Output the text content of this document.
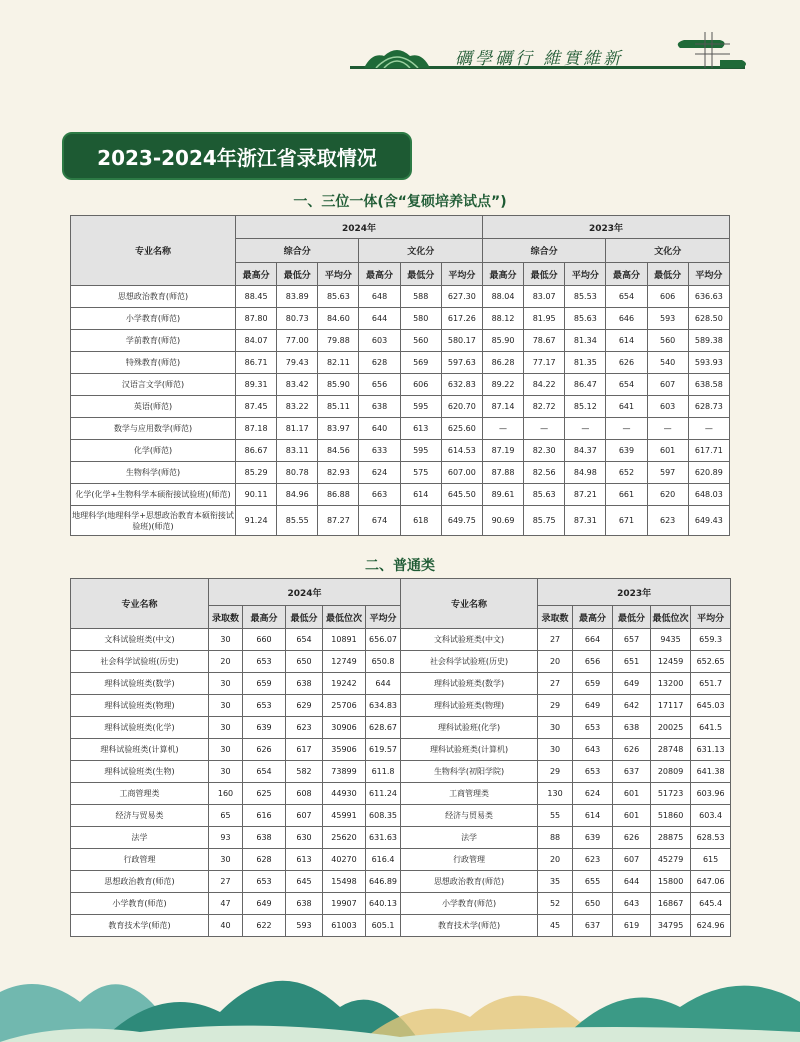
礪學礪行 維實維新
2023-2024年浙江省录取情况
一、三位一体(含“复硕培养试点”)
专业名称	2024年						2023年					
	综合分			文化分			综合分			文化分		
	最高分	最低分	平均分	最高分	最低分	平均分	最高分	最低分	平均分	最高分	最低分	平均分
思想政治教育(师范)	88.45	83.89	85.63	648	588	627.30	88.04	83.07	85.53	654	606	636.63
小学教育(师范)	87.80	80.73	84.60	644	580	617.26	88.12	81.95	85.63	646	593	628.50
学前教育(师范)	84.07	77.00	79.88	603	560	580.17	85.90	78.67	81.34	614	560	589.38
特殊教育(师范)	86.71	79.43	82.11	628	569	597.63	86.28	77.17	81.35	626	540	593.93
汉语言文学(师范)	89.31	83.42	85.90	656	606	632.83	89.22	84.22	86.47	654	607	638.58
英语(师范)	87.45	83.22	85.11	638	595	620.70	87.14	82.72	85.12	641	603	628.73
数学与应用数学(师范)	87.18	81.17	83.97	640	613	625.60	—	—	—	—	—	—
化学(师范)	86.67	83.11	84.56	633	595	614.53	87.19	82.30	84.37	639	601	617.71
生物科学(师范)	85.29	80.78	82.93	624	575	607.00	87.88	82.56	84.98	652	597	620.89
化学(化学+生物科学本硕衔接试验班)(师范)	90.11	84.96	86.88	663	614	645.50	89.61	85.63	87.21	661	620	648.03
地理科学(地理科学+思想政治教育本硕衔接试验班)(师范)	91.24	85.55	87.27	674	618	649.75	90.69	85.75	87.31	671	623	649.43
二、普通类
专业名称	2024年					专业名称	2023年				
	录取数	最高分	最低分	最低位次	平均分		录取数	最高分	最低分	最低位次	平均分
文科试验班类(中文)	30	660	654	10891	656.07	文科试验班类(中文)	27	664	657	9435	659.3
社会科学试验班(历史)	20	653	650	12749	650.8	社会科学试验班(历史)	20	656	651	12459	652.65
理科试验班类(数学)	30	659	638	19242	644	理科试验班类(数学)	27	659	649	13200	651.7
理科试验班类(物理)	30	653	629	25706	634.83	理科试验班类(物理)	29	649	642	17117	645.03
理科试验班类(化学)	30	639	623	30906	628.67	理科试验班(化学)	30	653	638	20025	641.5
理科试验班类(计算机)	30	626	617	35906	619.57	理科试验班类(计算机)	30	643	626	28748	631.13
理科试验班类(生物)	30	654	582	73899	611.8	生物科学(初阳学院)	29	653	637	20809	641.38
工商管理类	160	625	608	44930	611.24	工商管理类	130	624	601	51723	603.96
经济与贸易类	65	616	607	45991	608.35	经济与贸易类	55	614	601	51860	603.4
法学	93	638	630	25620	631.63	法学	88	639	626	28875	628.53
行政管理	30	628	613	40270	616.4	行政管理	20	623	607	45279	615
思想政治教育(师范)	27	653	645	15498	646.89	思想政治教育(师范)	35	655	644	15800	647.06
小学教育(师范)	47	649	638	19907	640.13	小学教育(师范)	52	650	643	16867	645.4
教育技术学(师范)	40	622	593	61003	605.1	教育技术学(师范)	45	637	619	34795	624.96
